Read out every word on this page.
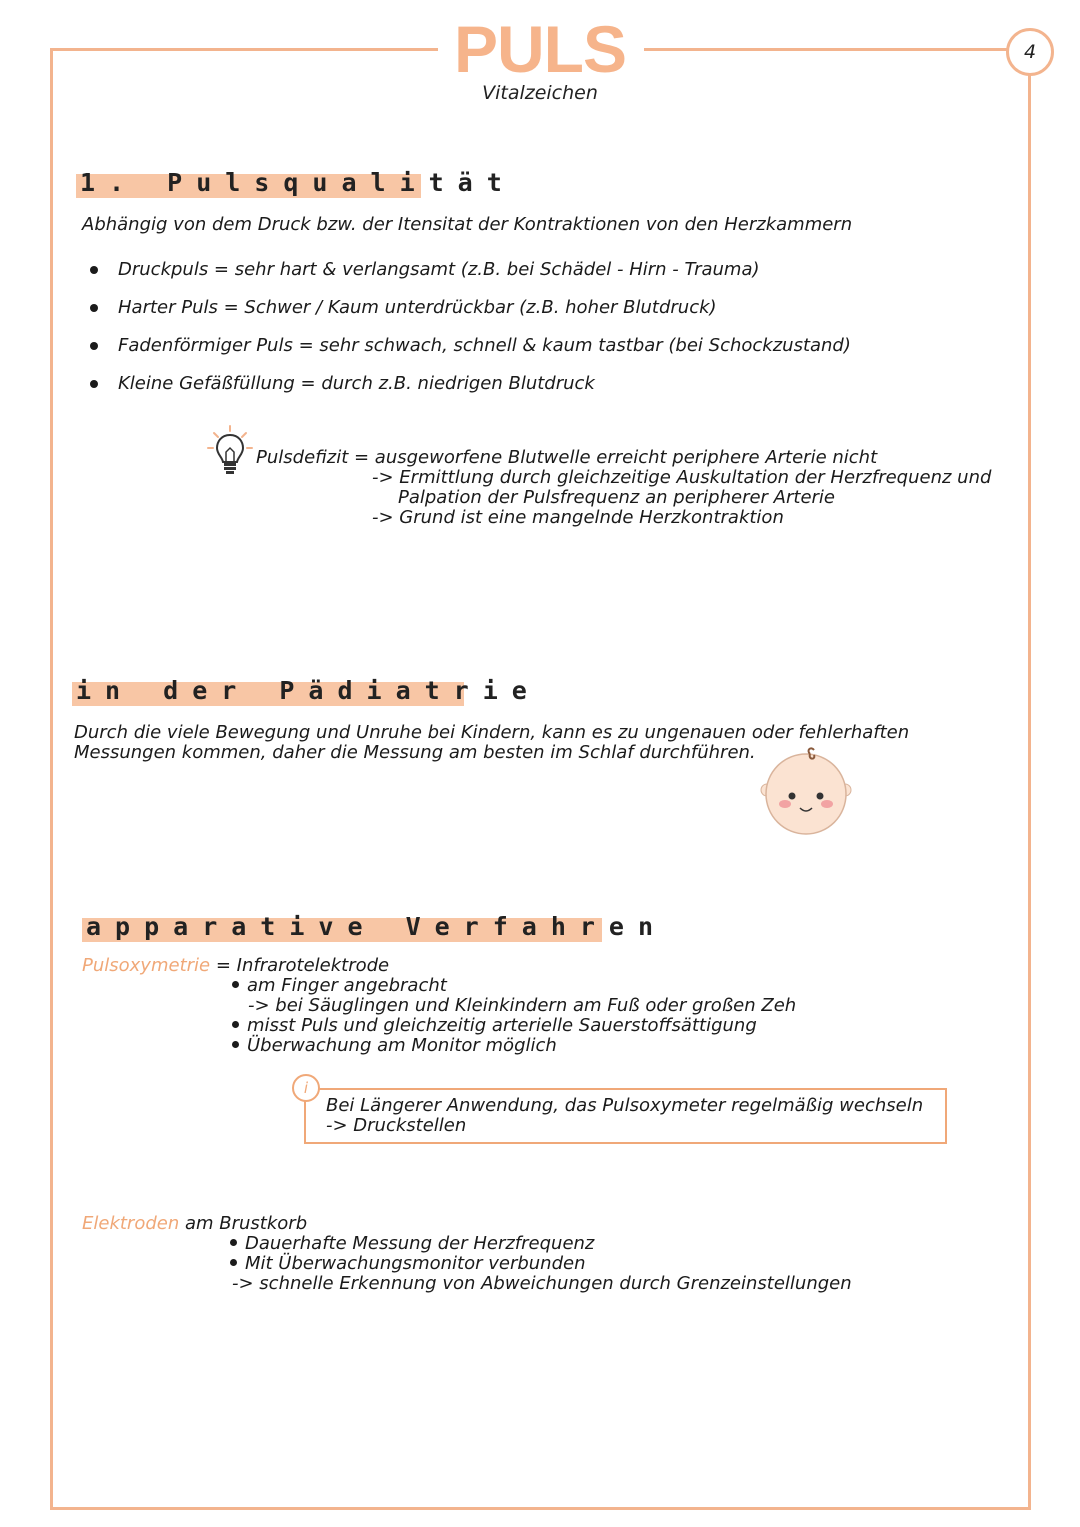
PULS
Vitalzeichen
4
1. Pulsqualität
Abhängig von dem Druck bzw. der Itensitat der Kontraktionen von den Herzkammern
Druckpuls = sehr hart & verlangsamt (z.B. bei Schädel - Hirn - Trauma)
Harter Puls = Schwer / Kaum unterdrückbar (z.B. hoher Blutdruck)
Fadenförmiger Puls = sehr schwach, schnell & kaum tastbar (bei Schockzustand)
Kleine Gefäßfüllung = durch z.B. niedrigen Blutdruck
Pulsdefizit = ausgeworfene Blutwelle erreicht periphere Arterie nicht
-> Ermittlung durch gleichzeitige Auskultation der Herzfrequenz und
Palpation der Pulsfrequenz an peripherer Arterie
-> Grund ist eine mangelnde Herzkontraktion
in der Pädiatrie
Durch die viele Bewegung und Unruhe bei Kindern, kann es zu ungenauen oder fehlerhaften
Messungen kommen, daher die Messung am besten im Schlaf durchführen.
apparative Verfahren
Pulsoxymetrie = Infrarotelektrode
am Finger angebracht
-> bei Säuglingen und Kleinkindern am Fuß oder großen Zeh
misst Puls und gleichzeitig arterielle Sauerstoffsättigung
Überwachung am Monitor möglich
i
Bei Längerer Anwendung, das Pulsoxymeter regelmäßig wechseln
-> Druckstellen
Elektroden am Brustkorb
Dauerhafte Messung der Herzfrequenz
Mit Überwachungsmonitor verbunden
-> schnelle Erkennung von Abweichungen durch Grenzeinstellungen
